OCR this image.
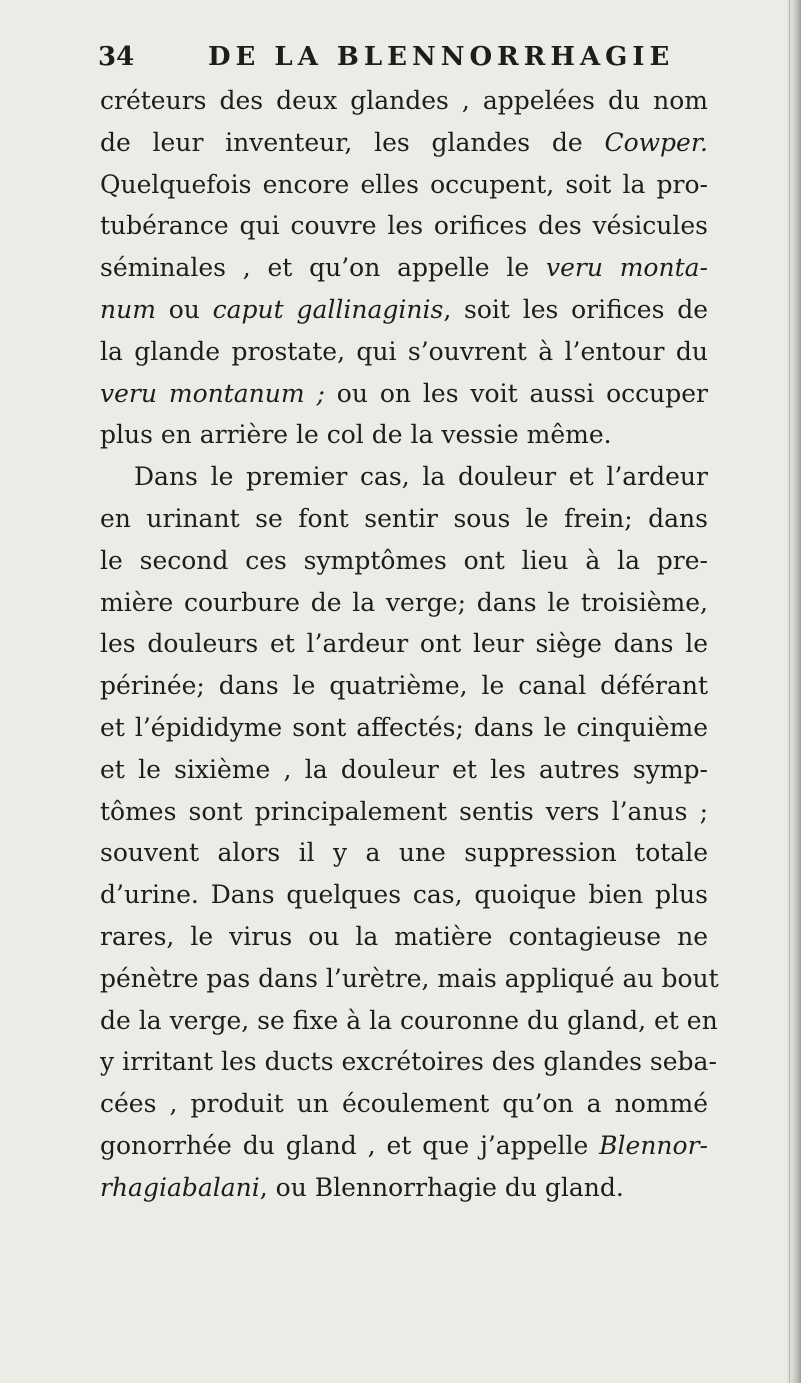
34	DE LA BLENNORRHAGIE
créteurs des deux glandes , appelées du nom
de leur inventeur, les glandes de Cowper.
Quelquefois encore elles occupent, soit la pro-
tubérance qui couvre les orifices des vésicules
séminales , et qu’on appelle le veru monta-
num ou caput gallinaginis, soit les orifices de
la glande prostate, qui s’ouvrent à l’entour du
veru montanum ; ou on les voit aussi occuper
plus en arrière le col de la vessie même.
Dans le premier cas, la douleur et l’ardeur
en urinant se font sentir sous le frein; dans
le second ces symptômes ont lieu à la pre-
mière courbure de la verge; dans le troisième,
les douleurs et l’ardeur ont leur siège dans le
périnée; dans le quatrième, le canal déférant
et l’épididyme sont affectés; dans le cinquième
et le sixième , la douleur et les autres symp-
tômes sont principalement sentis vers l’anus ;
souvent alors il y a une suppression totale
d’urine. Dans quelques cas, quoique bien plus
rares, le virus ou la matière contagieuse ne
pénètre pas dans l’urètre, mais appliqué au bout
de la verge, se fixe à la couronne du gland, et en
y irritant les ducts excrétoires des glandes seba-
cées , produit un écoulement qu’on a nommé
gonorrhée du gland , et que j’appelle Blennor-
rhagiabalani, ou Blennorrhagie du gland.
